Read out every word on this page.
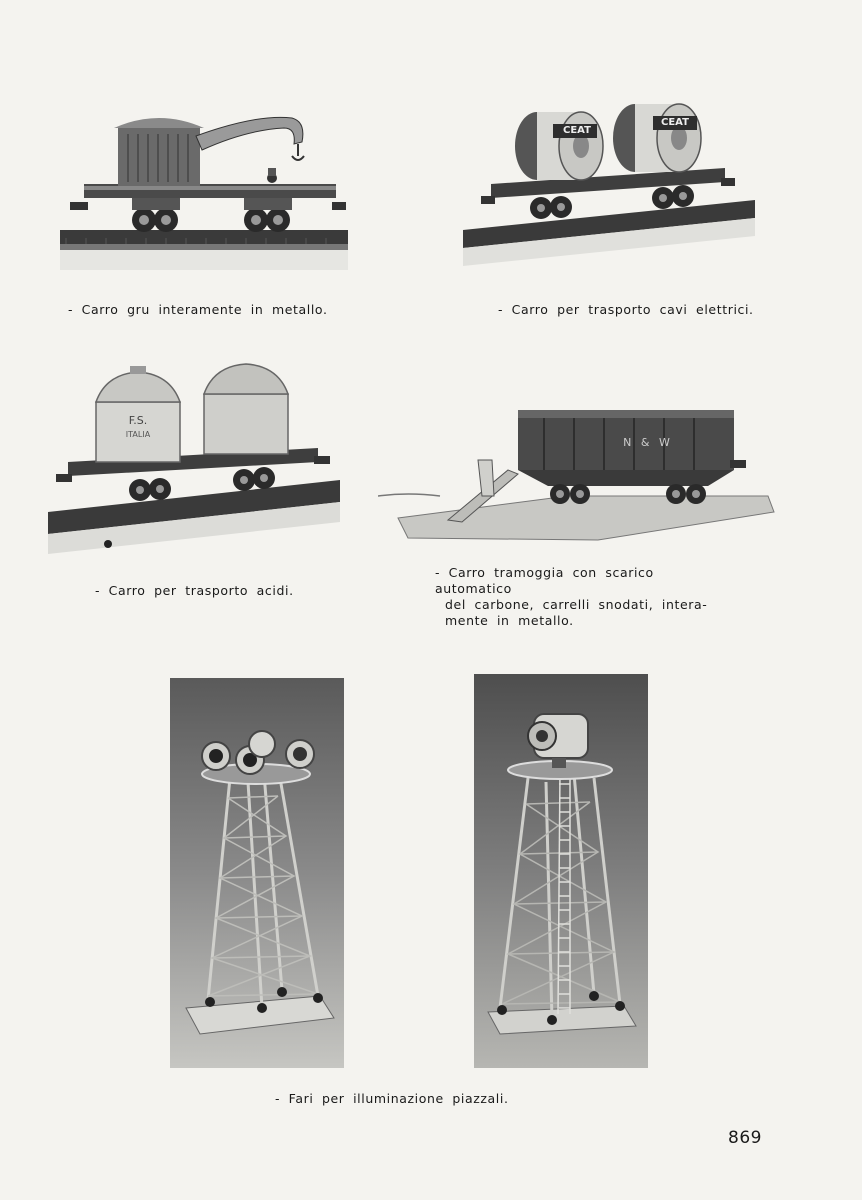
- Carro gru interamente in metallo.
CEAT
CEAT
- Carro per trasporto cavi elettrici.
F.S.
ITALIA
- Carro per trasporto acidi.
N & W
- Carro tramoggia con scarico automatico
del carbone, carrelli snodati, intera-
mente in metallo.
- Fari per illuminazione piazzali.
869
